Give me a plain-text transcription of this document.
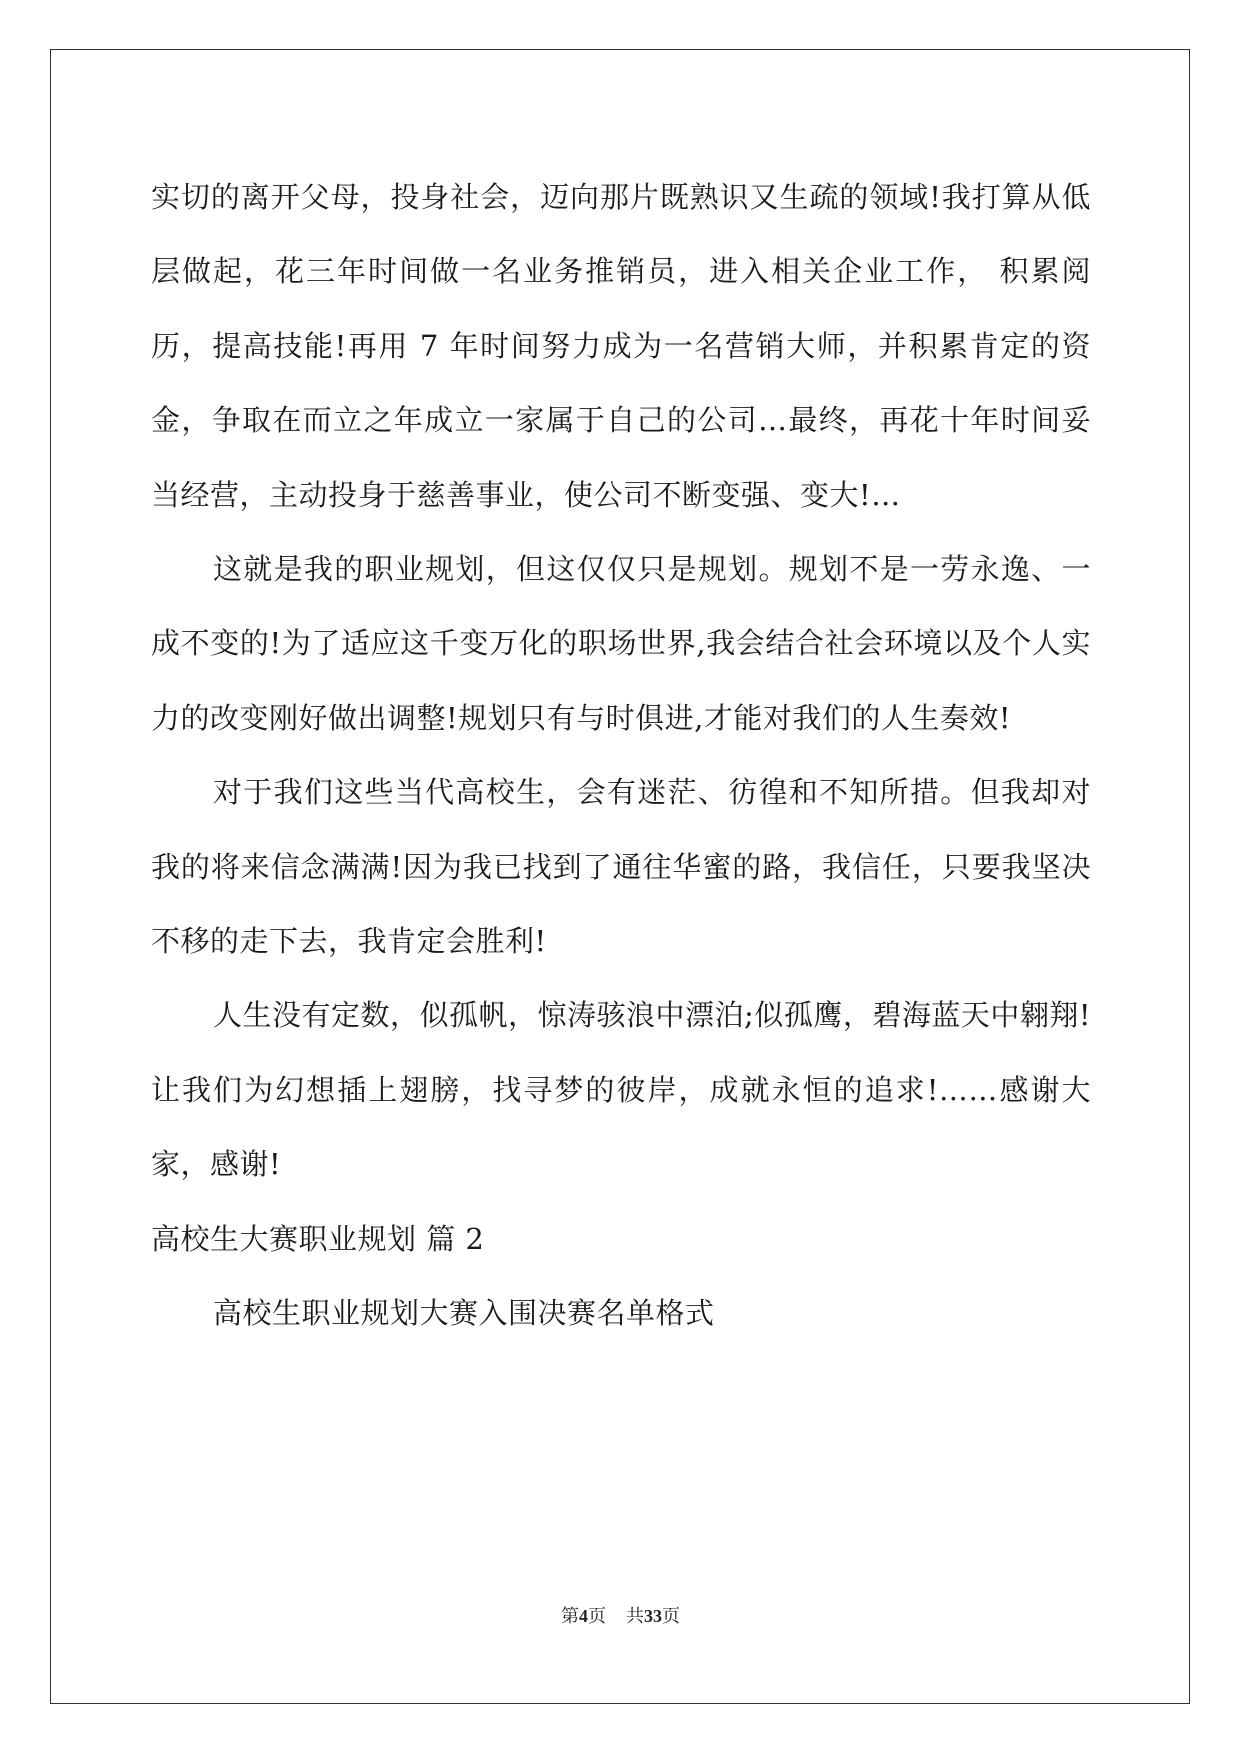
实切的离开父母，投身社会，迈向那片既熟识又生疏的领域!我打算从低层做起，花三年时间做一名业务推销员，进入相关企业工作， 积累阅历，提高技能!再用 7 年时间努力成为一名营销大师，并积累肯定的资金，争取在而立之年成立一家属于自己的公司…最终，再花十年时间妥当经营，主动投身于慈善事业，使公司不断变强、变大!…

这就是我的职业规划，但这仅仅只是规划。规划不是一劳永逸、一成不变的!为了适应这千变万化的职场世界,我会结合社会环境以及个人实力的改变刚好做出调整!规划只有与时俱进,才能对我们的人生奏效!

对于我们这些当代高校生，会有迷茫、彷徨和不知所措。但我却对我的将来信念满满!因为我已找到了通往华蜜的路，我信任，只要我坚决不移的走下去，我肯定会胜利!

人生没有定数，似孤帆，惊涛骇浪中漂泊;似孤鹰，碧海蓝天中翱翔!让我们为幻想插上翅膀，找寻梦的彼岸，成就永恒的追求!……感谢大家，感谢!

高校生大赛职业规划 篇 2

高校生职业规划大赛入围决赛名单格式

第4页 共33页
